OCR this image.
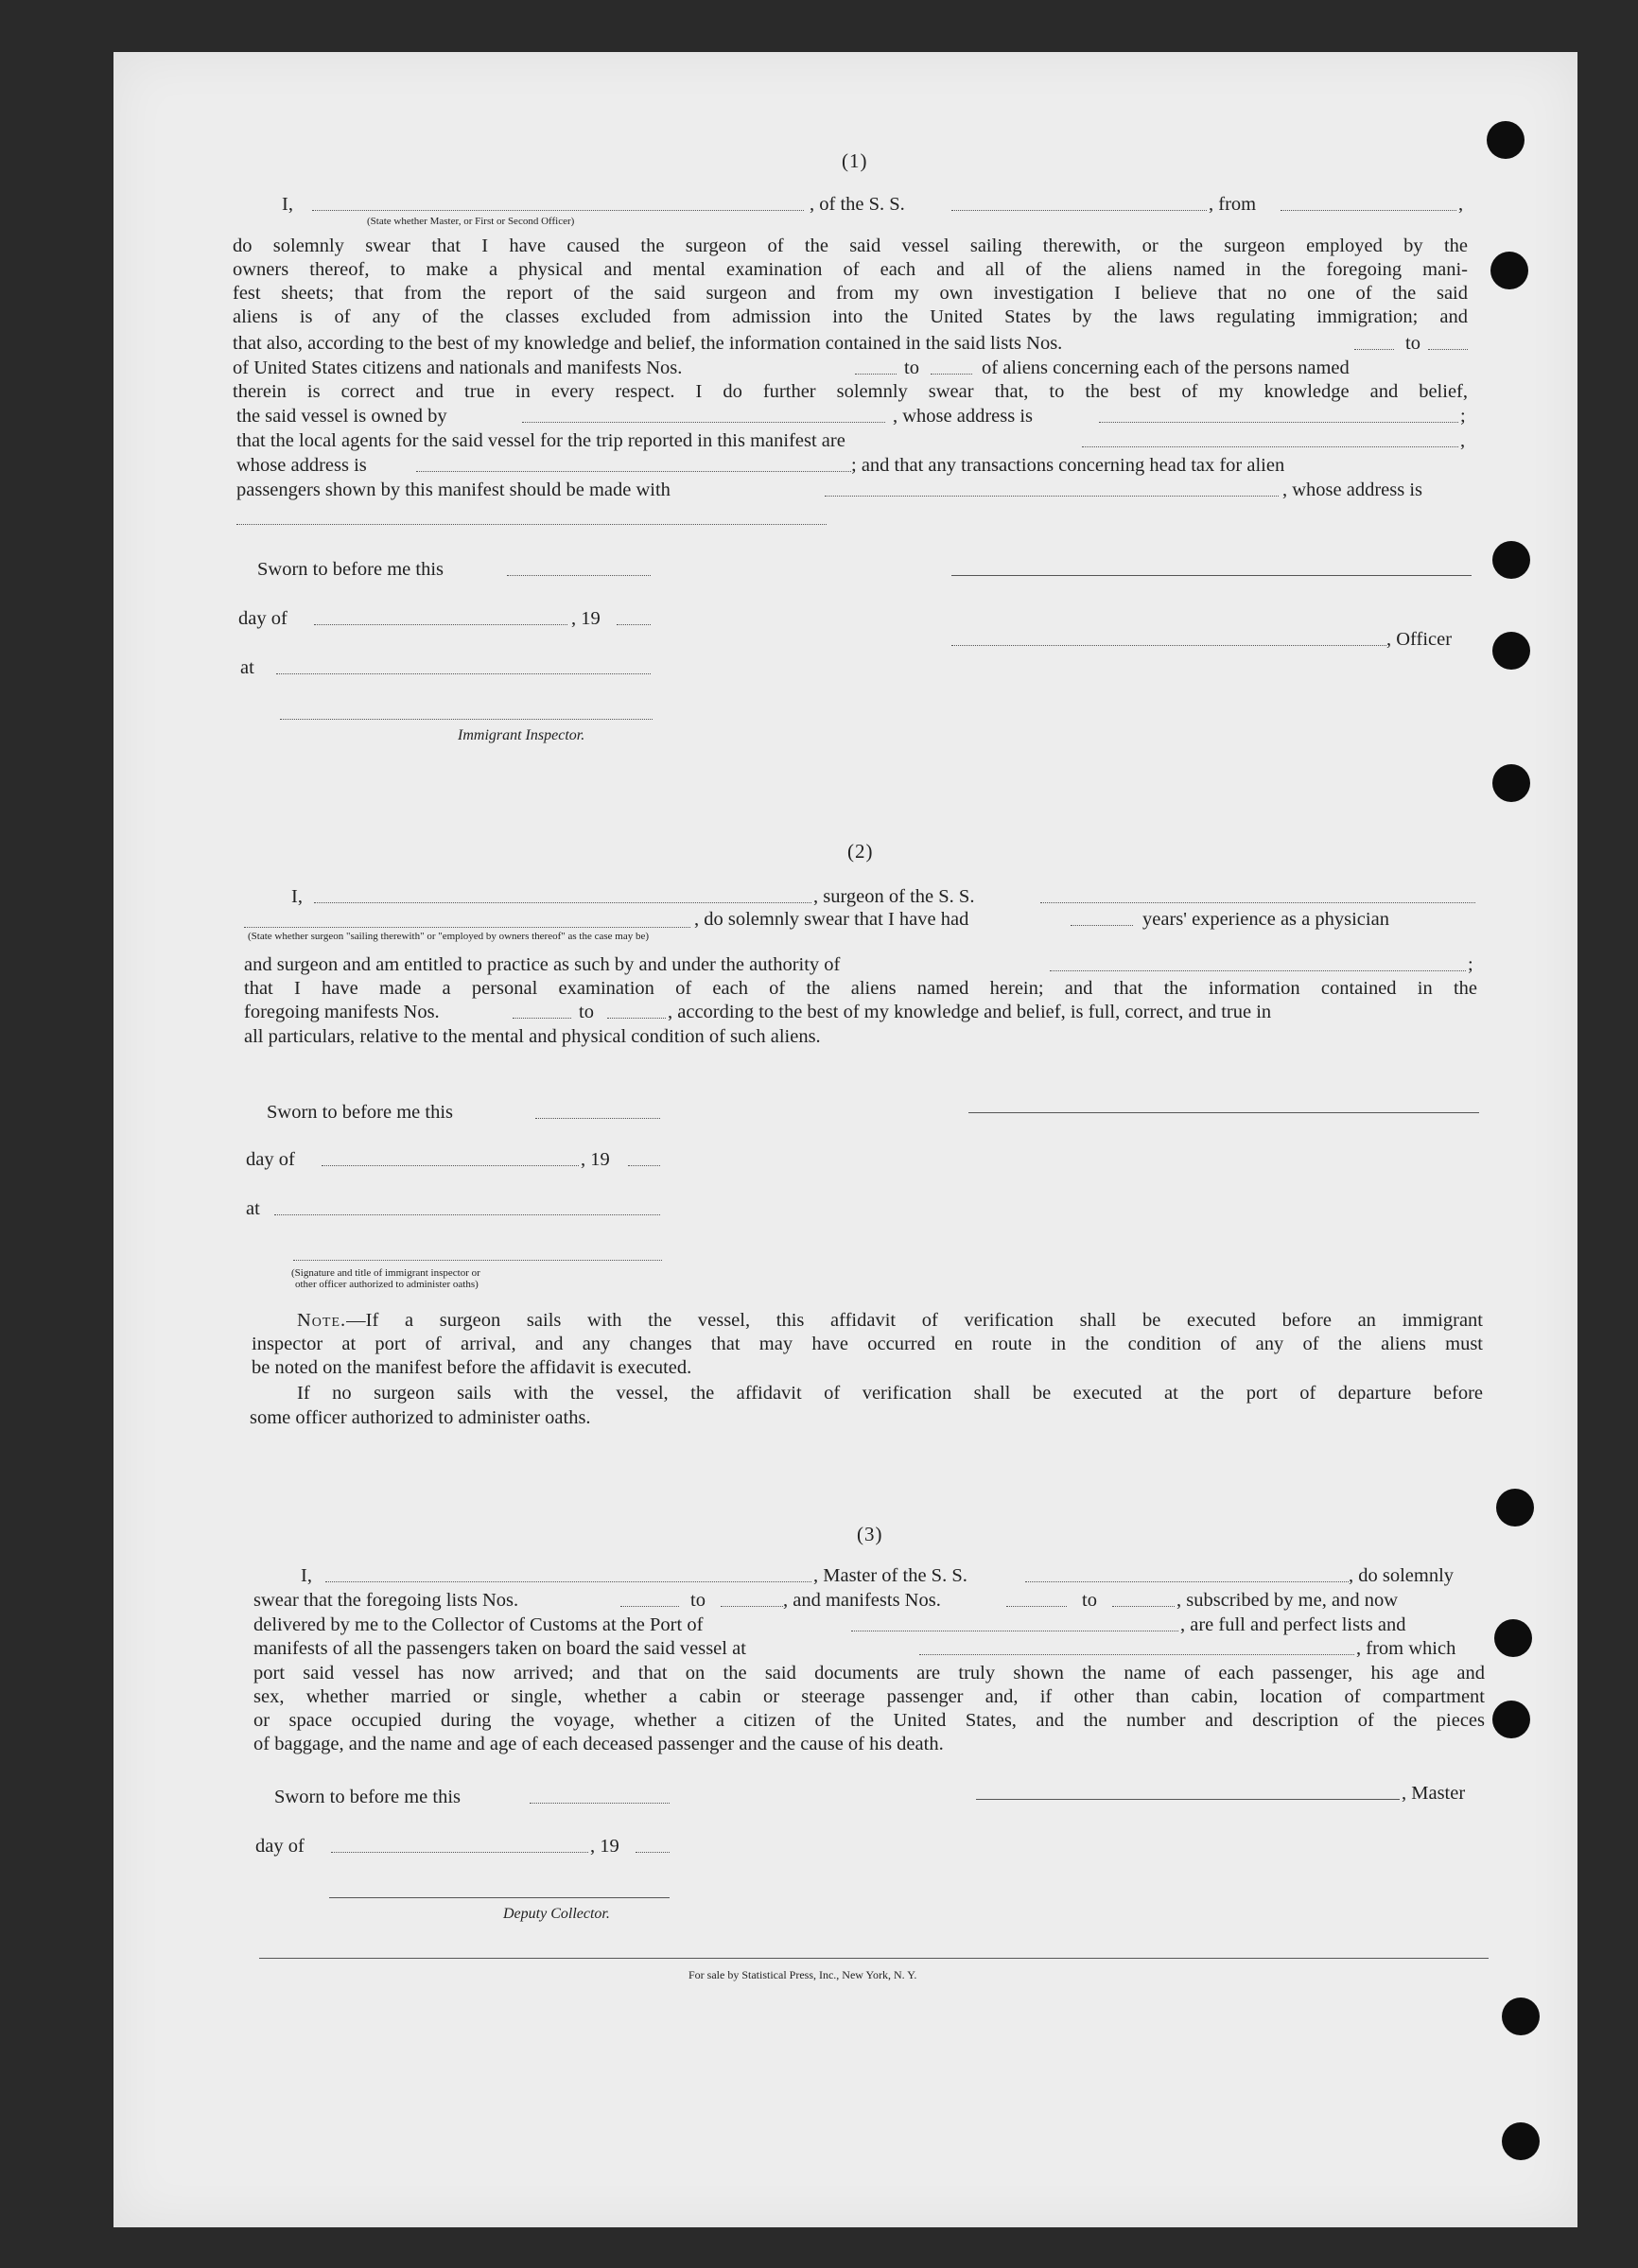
(1)
I,
(State whether Master, or First or Second Officer)
, of the S. S.	, from	,
do solemnly swear that I have caused the surgeon of the said vessel sailing therewith, or the surgeon employed by the
owners thereof, to make a physical and mental examination of each and all of the aliens named in the foregoing mani-
fest sheets; that from the report of the said surgeon and from my own investigation I believe that no one of the said
aliens is of any of the classes excluded from admission into the United States by the laws regulating immigration; and
that also, according to the best of my knowledge and belief, the information contained in the said lists Nos.	to
of United States citizens and nationals and manifests Nos.	to	of aliens concerning each of the persons named
therein is correct and true in every respect. I do further solemnly swear that, to the best of my knowledge and belief,
the said vessel is owned by	, whose address is	;
that the local agents for the said vessel for the trip reported in this manifest are	,
whose address is	; and that any transactions concerning head tax for alien
passengers shown by this manifest should be made with	, whose address is
Sworn to before me this
day of	, 19
, Officer
at
Immigrant Inspector.
(2)
I,	, surgeon of the S. S.
(State whether surgeon "sailing therewith" or "employed by owners thereof" as the case may be)
, do solemnly swear that I have had	years' experience as a physician
and surgeon and am entitled to practice as such by and under the authority of	;
that I have made a personal examination of each of the aliens named herein; and that the information contained in the
foregoing manifests Nos.	to	, according to the best of my knowledge and belief, is full, correct, and true in
all particulars, relative to the mental and physical condition of such aliens.
Sworn to before me this
day of	, 19
at
(Signature and title of immigrant inspector or
other officer authorized to administer oaths)
Note.—If a surgeon sails with the vessel, this affidavit of verification shall be executed before an immigrant
inspector at port of arrival, and any changes that may have occurred en route in the condition of any of the aliens must
be noted on the manifest before the affidavit is executed.
If no surgeon sails with the vessel, the affidavit of verification shall be executed at the port of departure before
some officer authorized to administer oaths.
(3)
I,	, Master of the S. S.	, do solemnly
swear that the foregoing lists Nos.	to	, and manifests Nos.	to	, subscribed by me, and now
delivered by me to the Collector of Customs at the Port of	, are full and perfect lists and
manifests of all the passengers taken on board the said vessel at	, from which
port said vessel has now arrived; and that on the said documents are truly shown the name of each passenger, his age and
sex, whether married or single, whether a cabin or steerage passenger and, if other than cabin, location of compartment
or space occupied during the voyage, whether a citizen of the United States, and the number and description of the pieces
of baggage, and the name and age of each deceased passenger and the cause of his death.
Sworn to before me this	, Master
day of	, 19
Deputy Collector.
For sale by Statistical Press, Inc., New York, N. Y.
